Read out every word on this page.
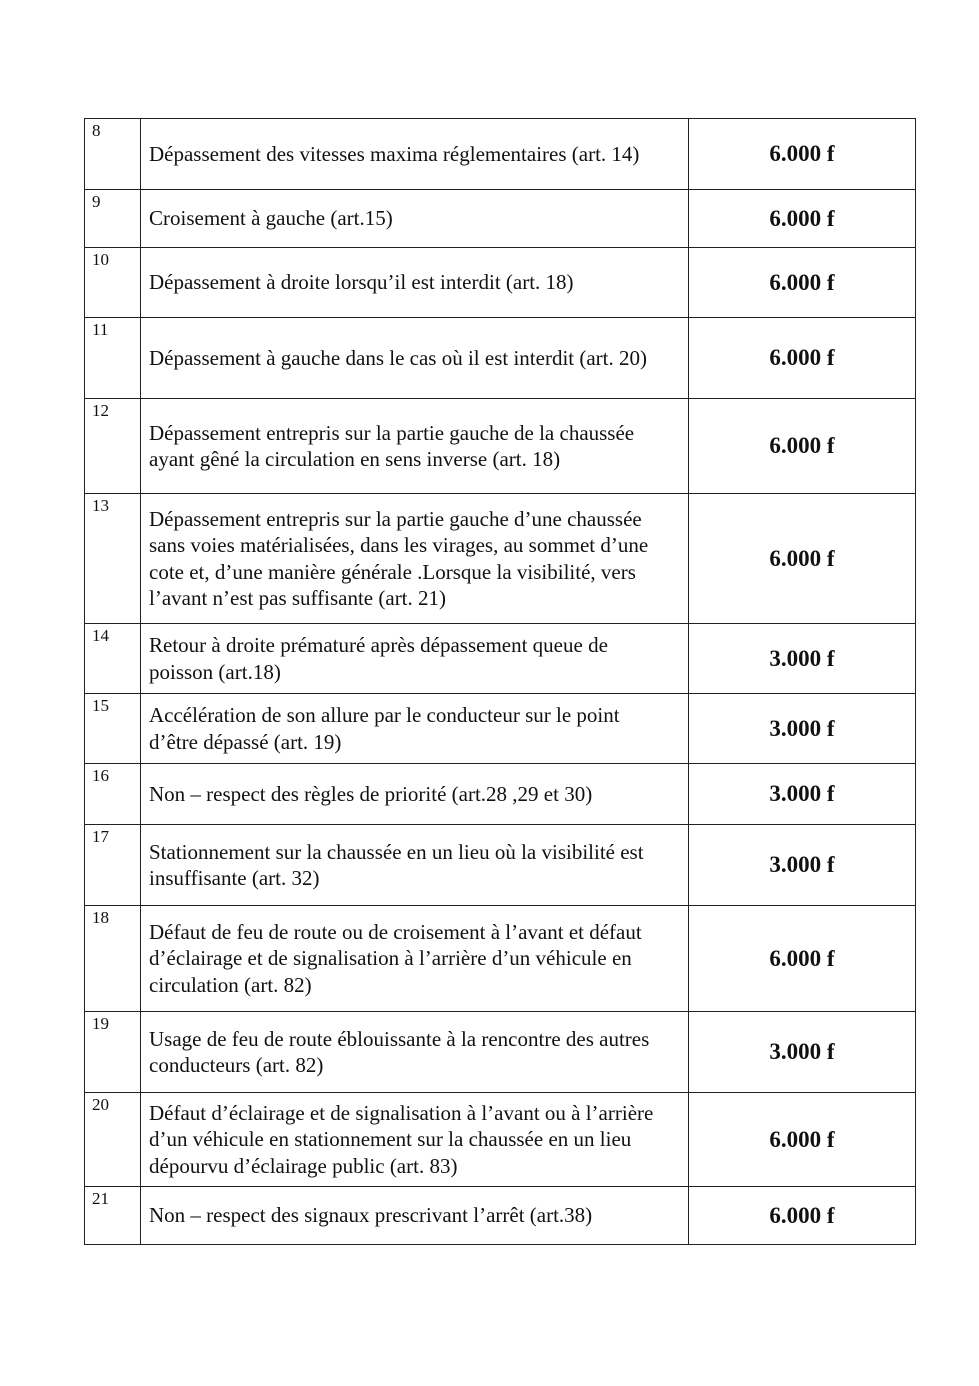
8	Dépassement des vitesses maxima réglementaires (art. 14)	6.000 f
9	Croisement à gauche (art.15)	6.000 f
10	Dépassement à droite lorsqu’il est interdit (art. 18)	6.000 f
11	Dépassement à gauche dans le cas où il est interdit (art. 20)	6.000 f
12	Dépassement entrepris sur la partie gauche de la chaussée ayant gêné la circulation en sens inverse (art. 18)	6.000 f
13	Dépassement entrepris sur la partie gauche d’une chaussée sans voies matérialisées, dans les virages, au sommet d’une cote et, d’une manière générale .Lorsque la visibilité, vers l’avant n’est pas suffisante (art. 21)	6.000 f
14	Retour à droite prématuré après dépassement queue de poisson (art.18)	3.000 f
15	Accélération de son allure par le conducteur sur le point d’être dépassé (art. 19)	3.000 f
16	Non – respect des règles de priorité (art.28 ,29 et 30)	3.000 f
17	Stationnement sur la chaussée en un lieu où la visibilité est insuffisante (art. 32)	3.000 f
18	Défaut de feu de route ou de croisement à l’avant et défaut d’éclairage et de signalisation à l’arrière d’un véhicule en circulation (art. 82)	6.000 f
19	Usage de feu de route éblouissante à la rencontre des autres conducteurs (art. 82)	3.000 f
20	Défaut d’éclairage et de signalisation à l’avant ou à l’arrière d’un véhicule en stationnement sur la chaussée en un lieu dépourvu d’éclairage public (art. 83)	6.000 f
21	Non – respect des signaux prescrivant l’arrêt (art.38)	6.000 f
